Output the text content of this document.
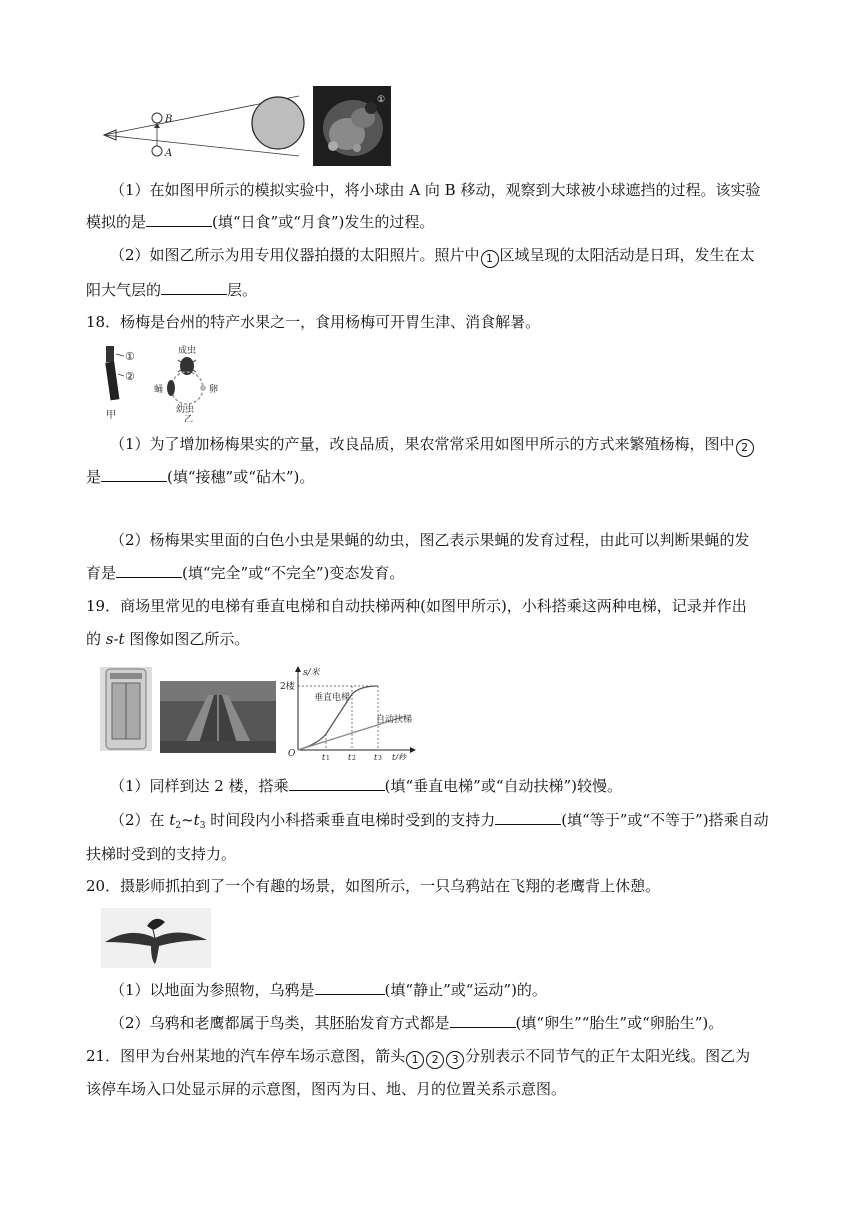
B
A
①
（1）在如图甲所示的模拟实验中，将小球由 A 向 B 移动，观察到大球被小球遮挡的过程。该实验
模拟的是	(填“日食”或“月食”)发生的过程。
（2）如图乙所示为用专用仪器拍摄的太阳照片。照片中 1 区域呈现的太阳活动是日珥，发生在太
阳大气层的	层。
18．杨梅是台州的特产水果之一，食用杨梅可开胃生津、消食解暑。
①
②
甲
成虫
蛹	卵
幼虫
乙
（1）为了增加杨梅果实的产量，改良品质，果农常常采用如图甲所示的方式来繁殖杨梅，图中 2
是	(填“接穗”或“砧木”)。
（2）杨梅果实里面的白色小虫是果蝇的幼虫，图乙表示果蝇的发育过程，由此可以判断果蝇的发
育是	(填“完全”或“不完全”)变态发育。
19．商场里常见的电梯有垂直电梯和自动扶梯两种(如图甲所示)，小科搭乘这两种电梯，记录并作出
的 s-t 图像如图乙所示。
s/米
2楼
垂直电梯
自动扶梯
O	t 1 t 2 t 3 t/秒
（1）同样到达 2 楼，搭乘	(填“垂直电梯”或“自动扶梯”)较慢。
（2）在 $t_2\sim t_3$ 时间段内小科搭乘垂直电梯时受到的支持力	(填“等于”或“不等于”)搭乘自动
扶梯时受到的支持力。
20．摄影师抓拍到了一个有趣的场景，如图所示，一只乌鸦站在飞翔的老鹰背上休憩。
（1）以地面为参照物，乌鸦是	(填“静止”或“运动”)的。
（2）乌鸦和老鹰都属于鸟类，其胚胎发育方式都是	(填“卵生”“胎生”或“卵胎生”)。
21．图甲为台州某地的汽车停车场示意图，箭头 1 2 3 分别表示不同节气的正午太阳光线。图乙为
该停车场入口处显示屏的示意图，图丙为日、地、月的位置关系示意图。
